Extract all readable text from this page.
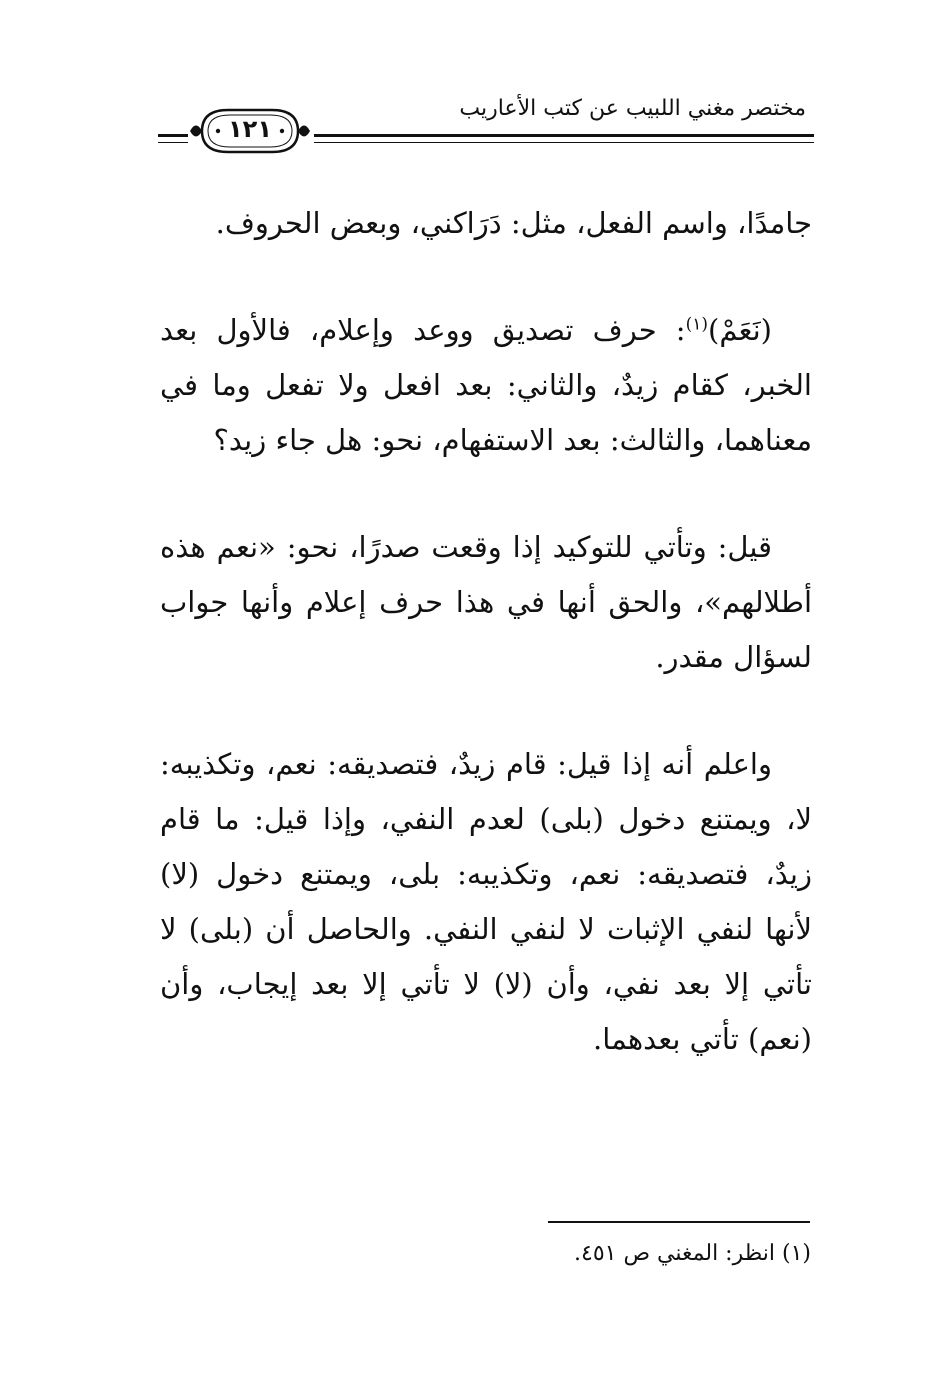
مختصر مغني اللبيب عن كتب الأعاريب
١٢١

جامدًا، واسم الفعل، مثل: دَرَاكني، وبعض الحروف.

(نَعَمْ)$^{(١)}$: حرف تصديق ووعد وإعلام، فالأول بعد الخبر، كقام زيدٌ، والثاني: بعد افعل ولا تفعل وما في معناهما، والثالث: بعد الاستفهام، نحو: هل جاء زيد؟

قيل: وتأتي للتوكيد إذا وقعت صدرًا، نحو: «نعم هذه أطلالهم»، والحق أنها في هذا حرف إعلام وأنها جواب لسؤال مقدر.

واعلم أنه إذا قيل: قام زيدٌ، فتصديقه: نعم، وتكذيبه: لا، ويمتنع دخول (بلى) لعدم النفي، وإذا قيل: ما قام زيدٌ، فتصديقه: نعم، وتكذيبه: بلى، ويمتنع دخول (لا) لأنها لنفي الإثبات لا لنفي النفي. والحاصل أن (بلى) لا تأتي إلا بعد نفي، وأن (لا) لا تأتي إلا بعد إيجاب، وأن (نعم) تأتي بعدهما.

(١) انظر: المغني ص ٤٥١.
